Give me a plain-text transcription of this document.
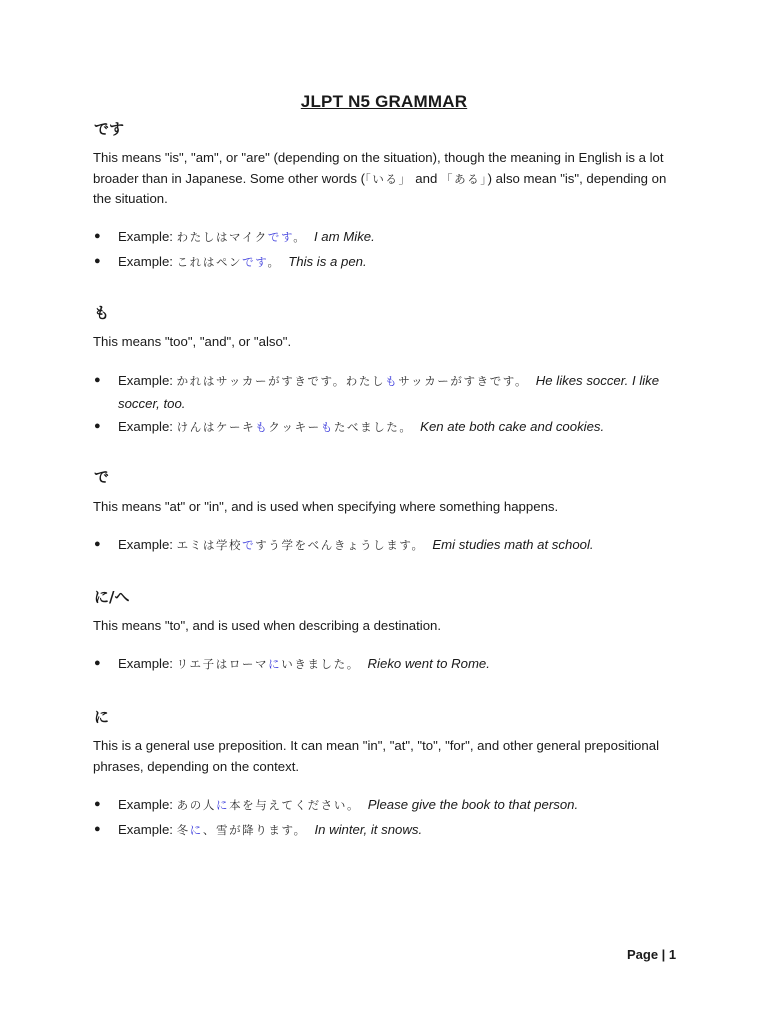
JLPT N5 GRAMMAR
です
This means "is", "am", or "are" (depending on the situation), though the meaning in English is a lot broader than in Japanese. Some other words (「いる」 and 「ある」) also mean "is", depending on the situation.
● Example: わたしはマイクです。 I am Mike.
● Example: これはペンです。 This is a pen.
も
This means "too", "and", or "also".
● Example: かれはサッカーがすきです。わたしもサッカーがすきです。 He likes soccer. I like soccer, too.
● Example: けんはケーキもクッキーもたべました。 Ken ate both cake and cookies.
で
This means "at" or "in", and is used when specifying where something happens.
● Example: エミは学校ですう学をべんきょうします。 Emi studies math at school.
に/へ
This means "to", and is used when describing a destination.
● Example: リエ子はローマにいきました。 Rieko went to Rome.
に
This is a general use preposition. It can mean "in", "at", "to", "for", and other general prepositional phrases, depending on the context.
● Example: あの人に本を与えてください。 Please give the book to that person.
● Example: 冬に、雪が降ります。 In winter, it snows.
Page | 1
